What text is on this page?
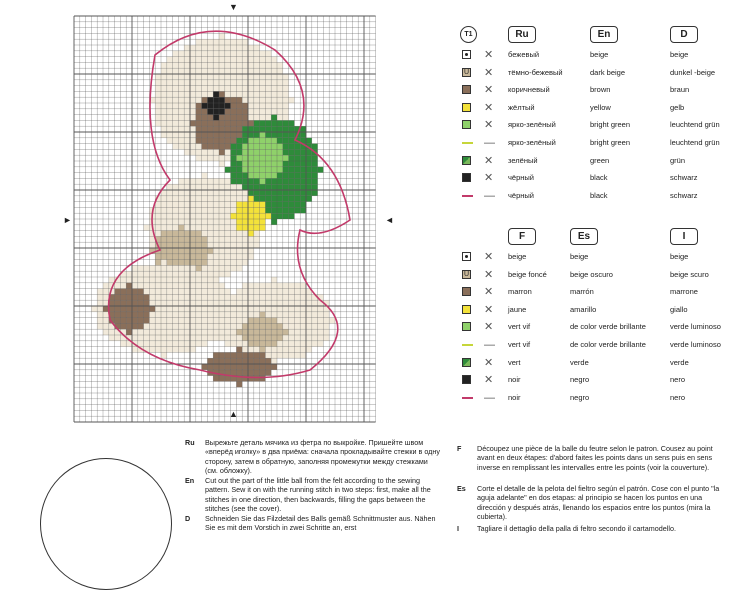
▼
▲
►	◄
T1	Ru	En	D
✕ бежевый	beige	beige
U ✕ тёмно-бежевый	dark beige	dunkel -beige
✕ коричневый	brown	braun
✕ жёлтый	yellow	gelb
✕ ярко-зелёный	bright green	leuchtend grün
— ярко-зелёный	bright green	leuchtend grün
✕ зелёный	green	grün
✕ чёрный	black	schwarz
— чёрный	black	schwarz
F	Es	I
✕ beige	beige	beige
U ✕ beige foncé	beige oscuro	beige scuro
✕ marron	marrón	marrone
✕ jaune	amarillo	giallo
✕ vert vif	de color verde brillante	verde luminoso
— vert vif	de color verde brillante	verde luminoso
✕ vert	verde	verde
✕ noir	negro	nero
— noir	negro	nero
Ru Вырежьте деталь мячика из фетра по выкройке. Пришейте швом «вперёд иголку» в два приёма: сначала прокладывайте стежки в одну сторону, затем в обратную, заполняя промежутки между стежками (см. обложку).
En Cut out the part of the little ball from the felt according to the sewing pattern. Sew it on with the running stitch in two steps: first, make all the stitches in one direction, then backwards, filling the gaps between the stitches (see the cover).
D Schneiden Sie das Filzdetail des Balls gemäß Schnittmuster aus. Nähen Sie es mit dem Vorstich in zwei Schritte an, erst
F Découpez une pièce de la balle du feutre selon le patron. Cousez au point avant en deux étapes: d'abord faites les points dans un sens puis en sens inverse en remplissant les intervalles entre les points (voir la couverture).
Es Corte el detalle de la pelota del fieltro según el patrón. Cose con el punto "la aguja adelante" en dos etapas: al principio se hacen los puntos en una dirección y después atrás, llenando los espacios entre los puntos (mira la cubierta).
I	Tagliare il dettaglio della palla di feltro secondo il cartamodello.
